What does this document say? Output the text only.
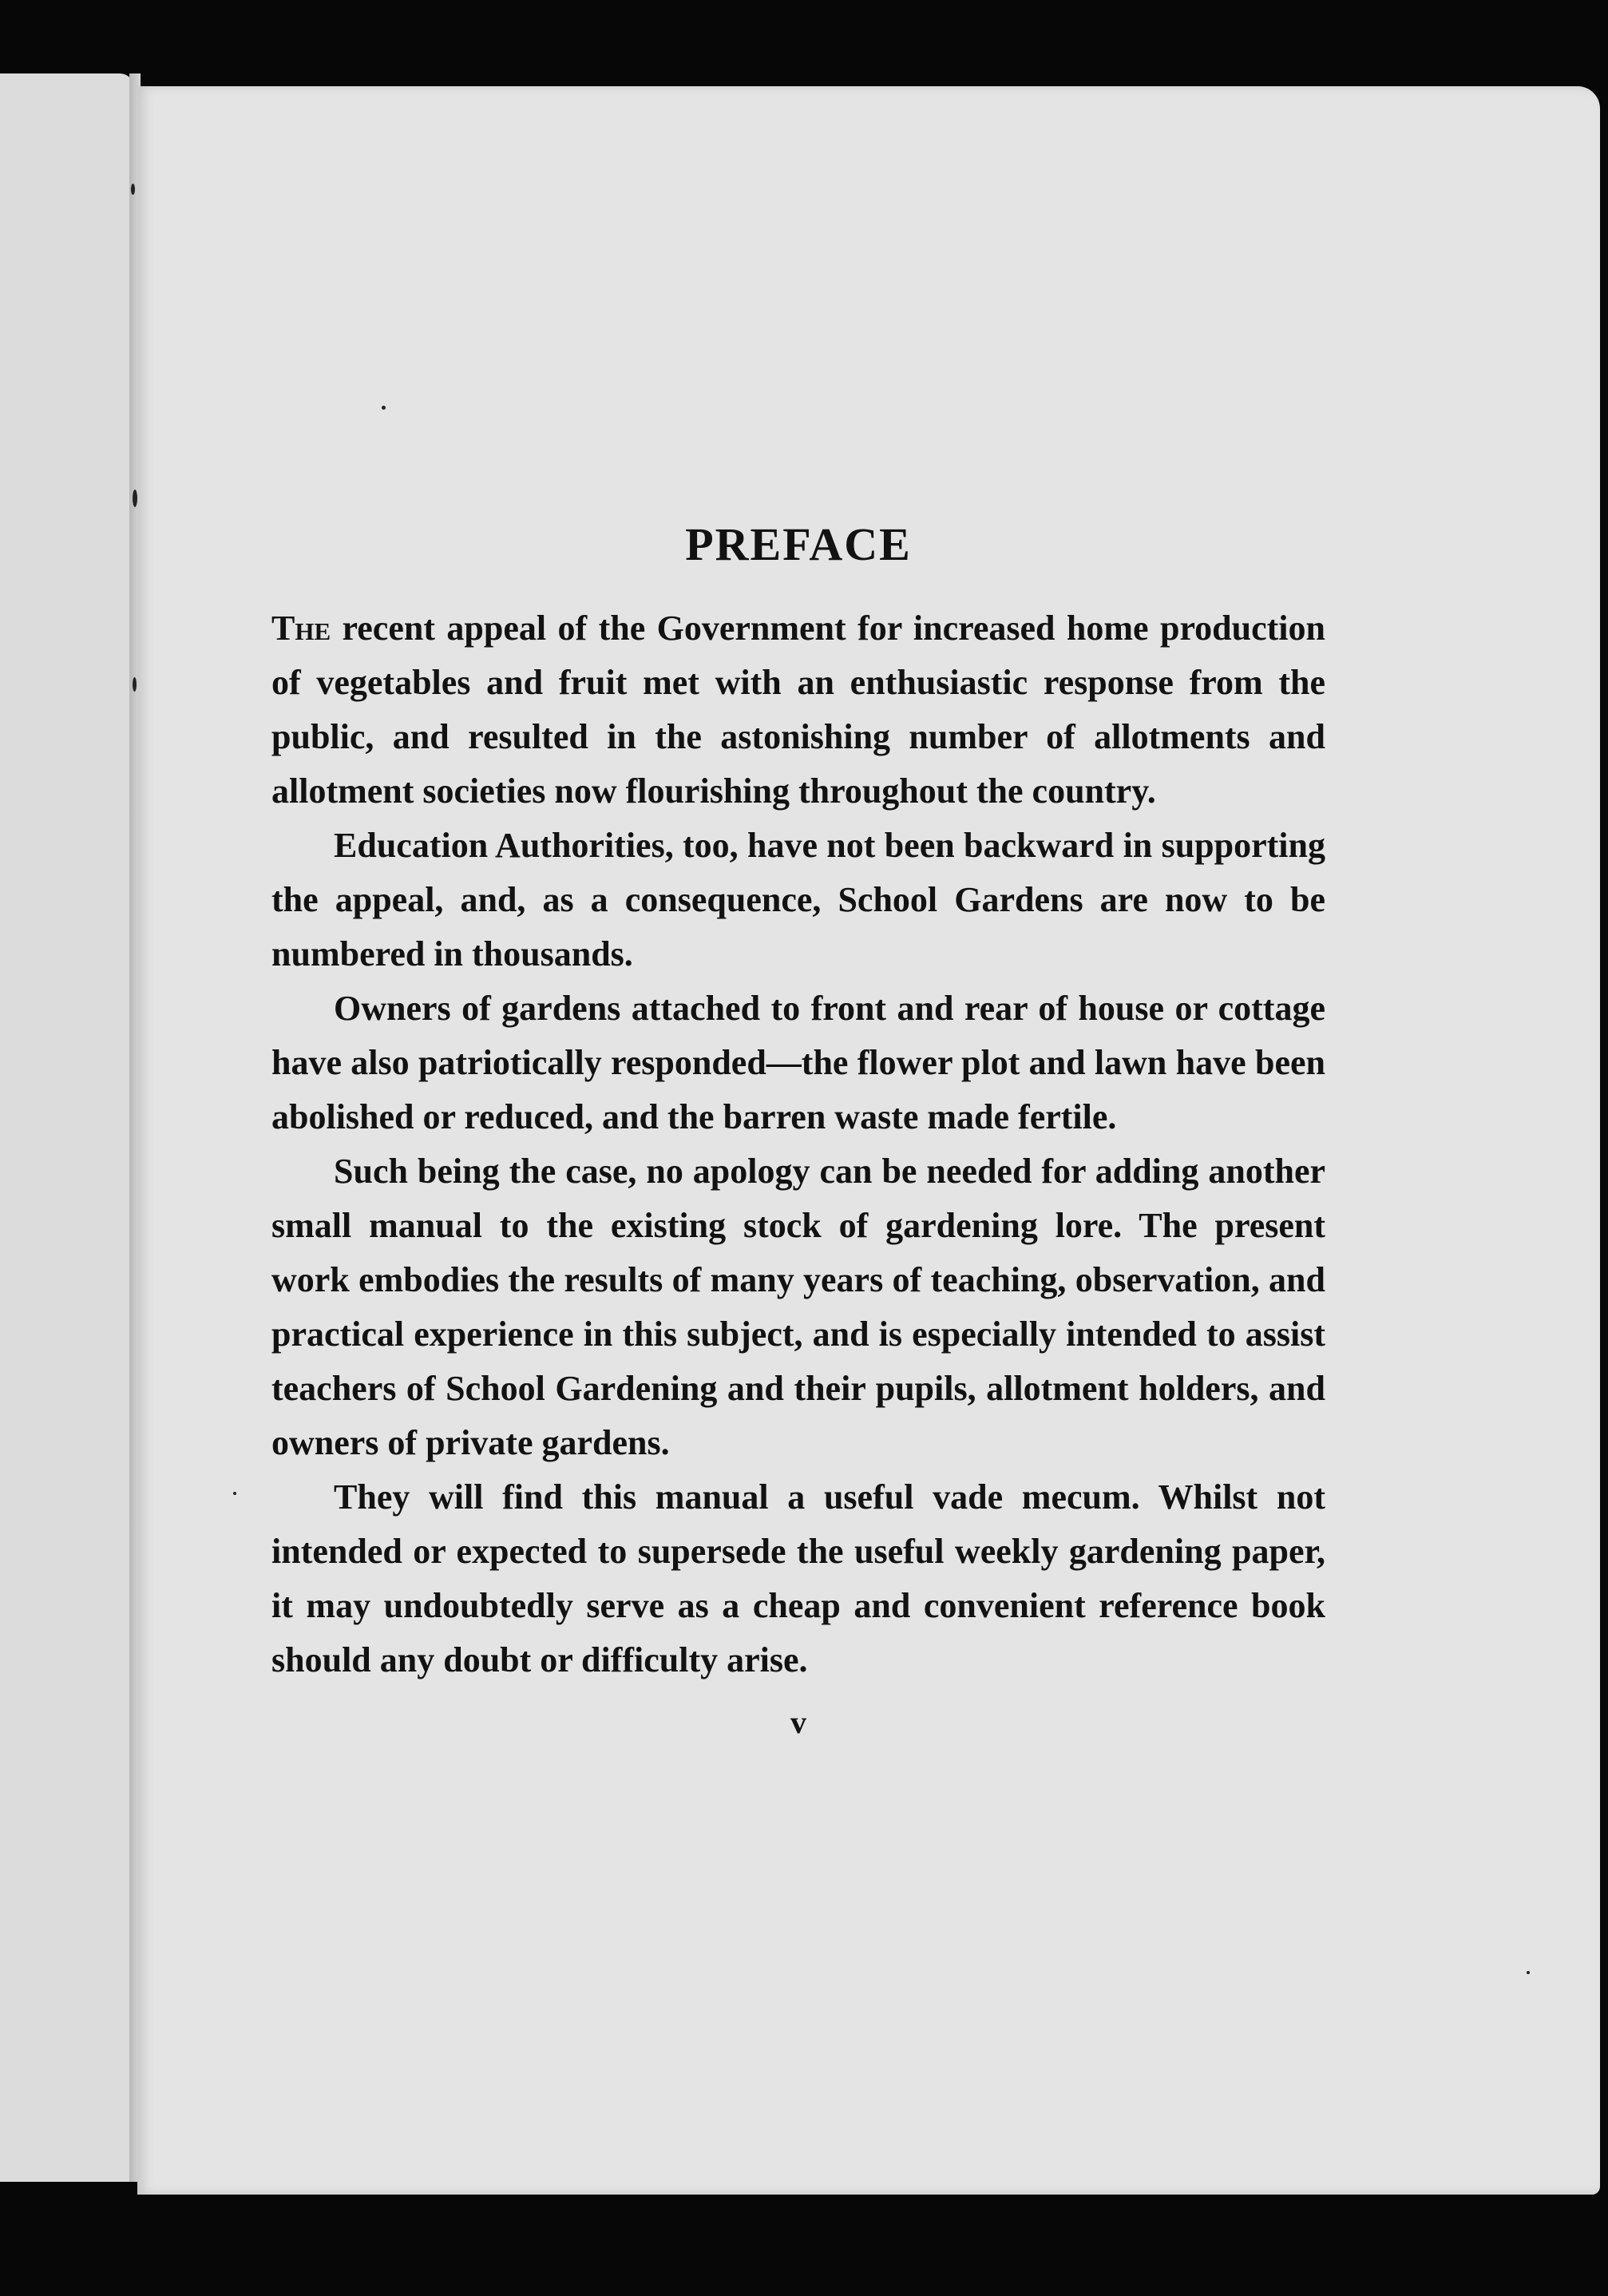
PREFACE

The recent appeal of the Government for increased home production of vegetables and fruit met with an enthusiastic response from the public, and resulted in the astonishing number of allotments and allotment societies now flourishing throughout the country.

Education Authorities, too, have not been backward in supporting the appeal, and, as a consequence, School Gardens are now to be numbered in thousands.

Owners of gardens attached to front and rear of house or cottage have also patriotically responded—the flower plot and lawn have been abolished or reduced, and the barren waste made fertile.

Such being the case, no apology can be needed for adding another small manual to the existing stock of gardening lore. The present work embodies the results of many years of teaching, observation, and practical experience in this subject, and is especially intended to assist teachers of School Gardening and their pupils, allotment holders, and owners of private gardens.

They will find this manual a useful vade mecum. Whilst not intended or expected to supersede the useful weekly gardening paper, it may undoubtedly serve as a cheap and convenient reference book should any doubt or difficulty arise.

v
